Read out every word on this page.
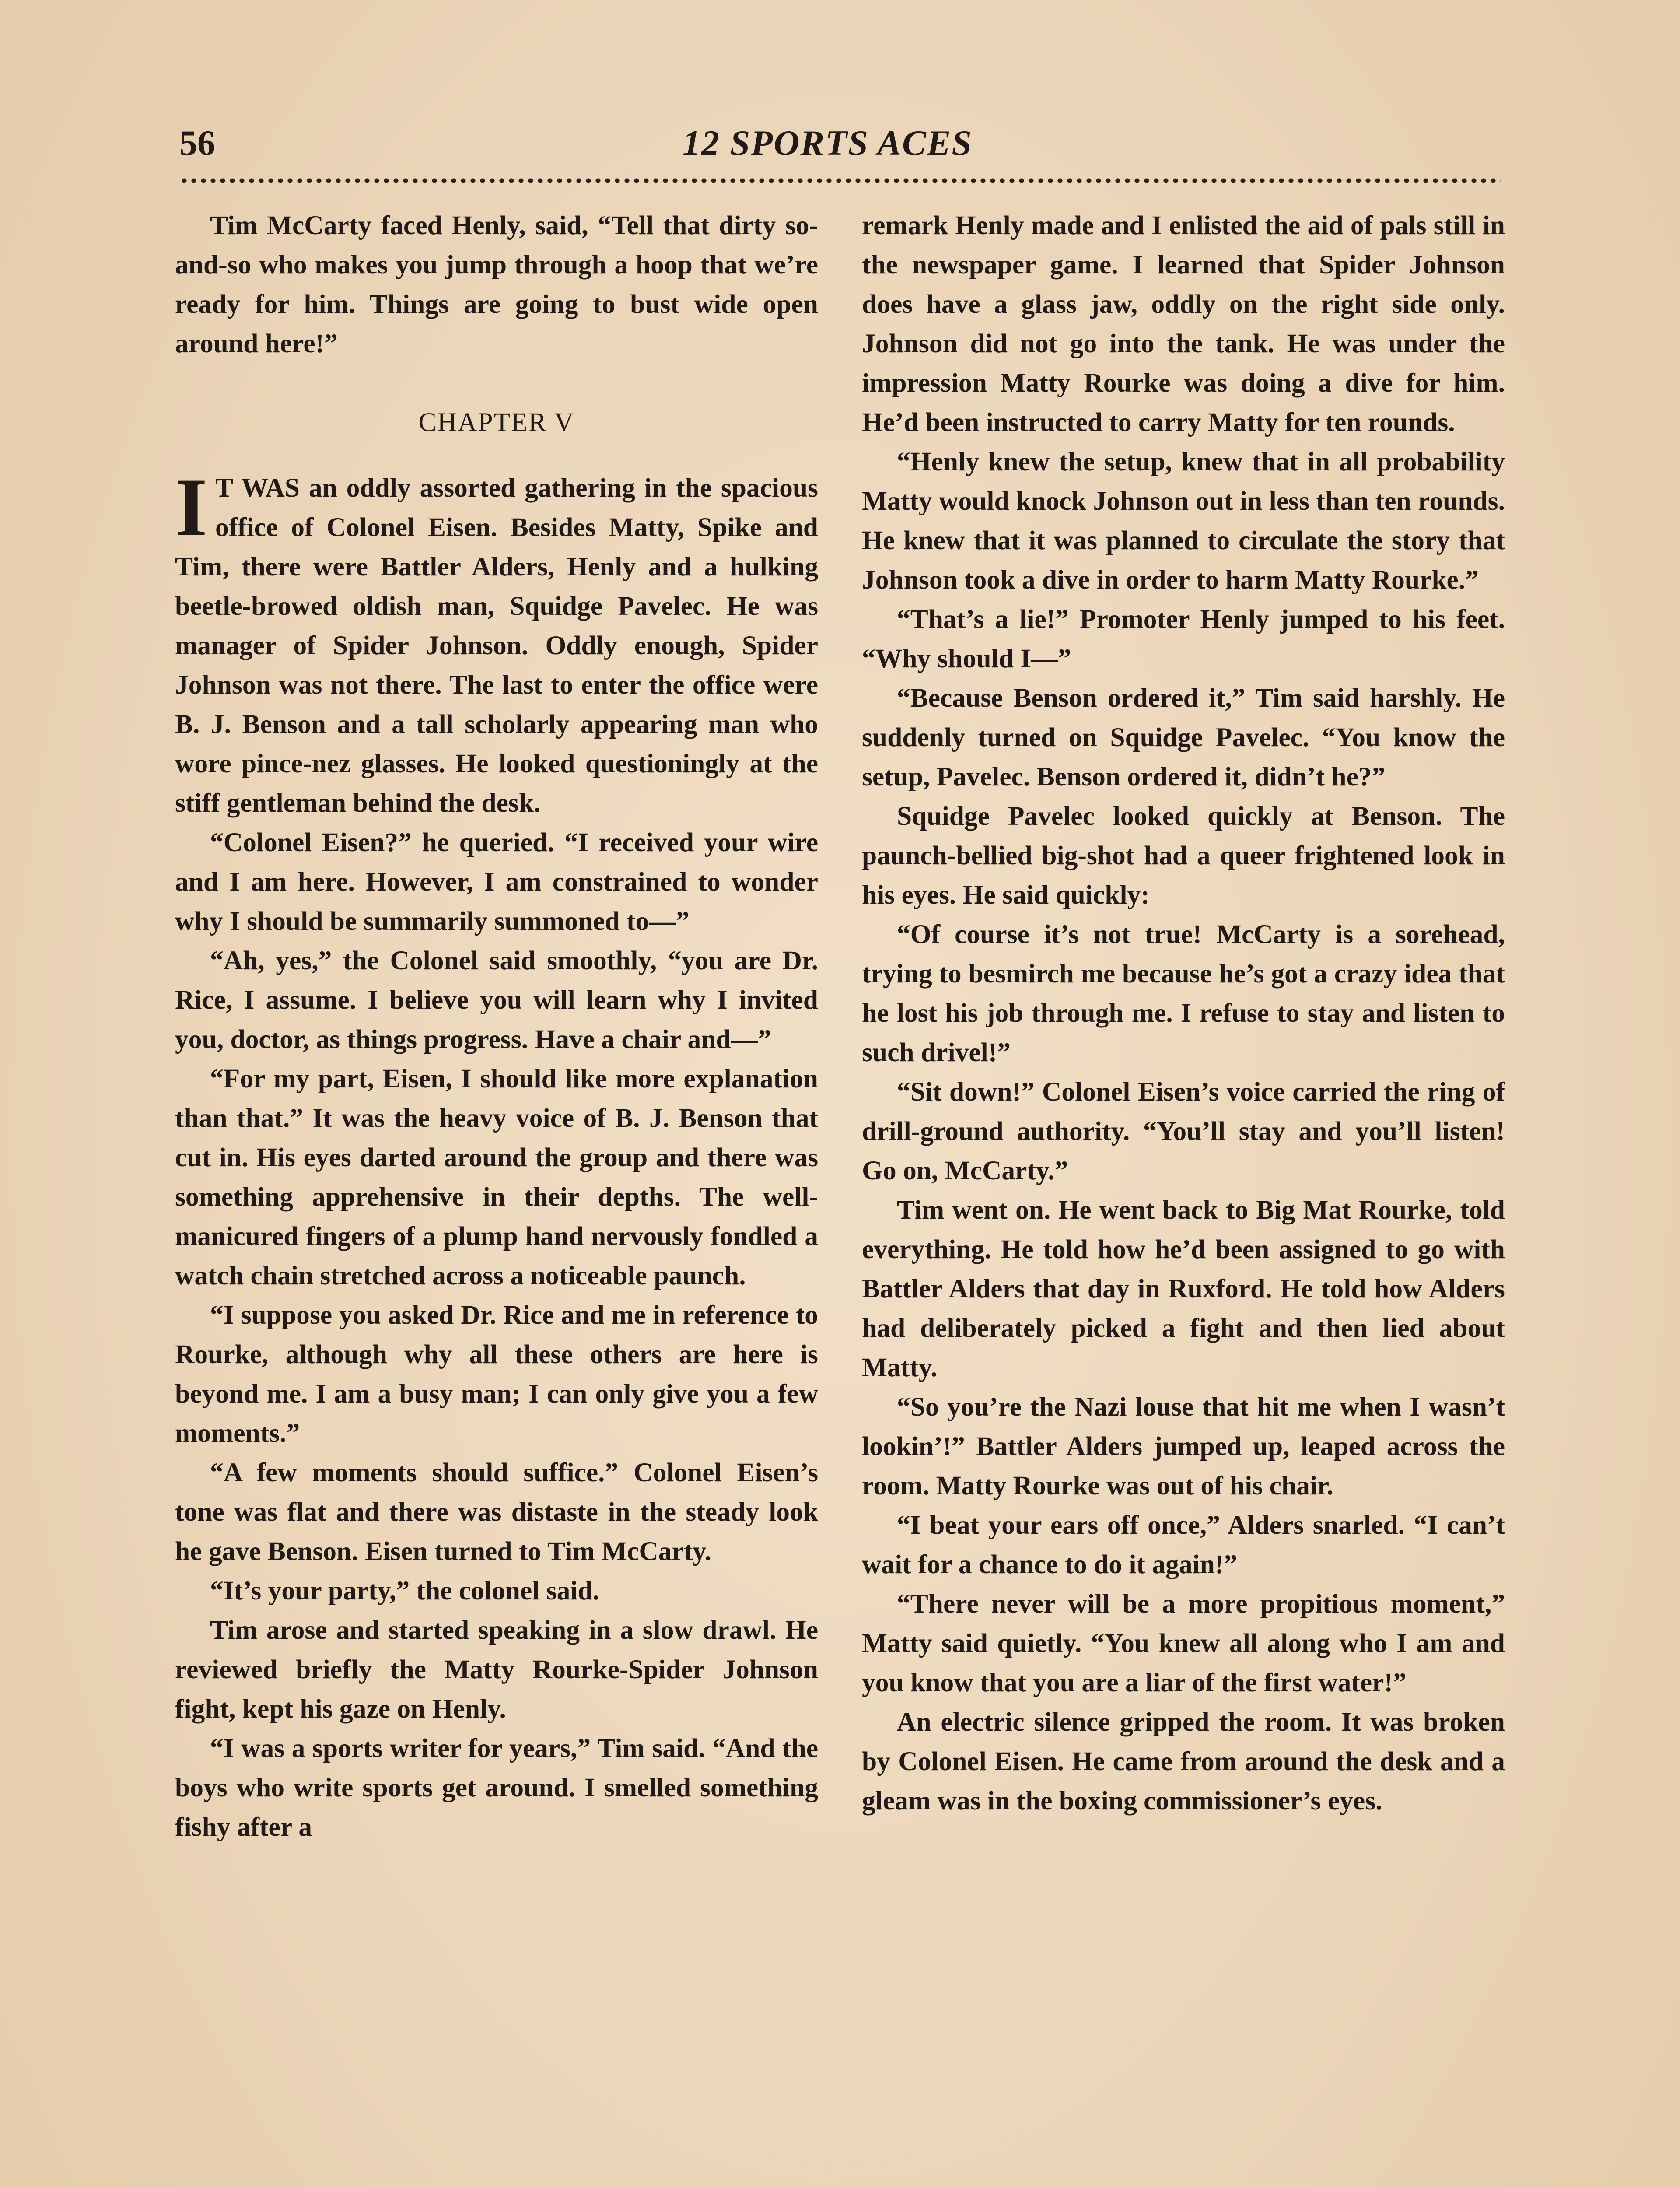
56	12 SPORTS ACES

Tim McCarty faced Henly, said, “Tell that dirty so-and-so who makes you jump through a hoop that we’re ready for him. Things are going to bust wide open around here!”

CHAPTER V

I T WAS an oddly assorted gathering in the spacious office of Colonel Eisen. Besides Matty, Spike and Tim, there were Battler Alders, Henly and a hulking beetle-browed oldish man, Squidge Pavelec. He was manager of Spider Johnson. Oddly enough, Spider Johnson was not there. The last to enter the office were B. J. Benson and a tall scholarly appearing man who wore pince-nez glasses. He looked questioningly at the stiff gentleman behind the desk.

“Colonel Eisen?” he queried. “I received your wire and I am here. However, I am constrained to wonder why I should be summarily summoned to—”

“Ah, yes,” the Colonel said smoothly, “you are Dr. Rice, I assume. I believe you will learn why I invited you, doctor, as things progress. Have a chair and—”

“For my part, Eisen, I should like more explanation than that.” It was the heavy voice of B. J. Benson that cut in. His eyes darted around the group and there was something apprehensive in their depths. The well-manicured fingers of a plump hand nervously fondled a watch chain stretched across a noticeable paunch.

“I suppose you asked Dr. Rice and me in reference to Rourke, although why all these others are here is beyond me. I am a busy man; I can only give you a few moments.”

“A few moments should suffice.” Colonel Eisen’s tone was flat and there was distaste in the steady look he gave Benson. Eisen turned to Tim McCarty.

“It’s your party,” the colonel said.

Tim arose and started speaking in a slow drawl. He reviewed briefly the Matty Rourke-Spider Johnson fight, kept his gaze on Henly.

“I was a sports writer for years,” Tim said. “And the boys who write sports get around. I smelled something fishy after a

remark Henly made and I enlisted the aid of pals still in the newspaper game. I learned that Spider Johnson does have a glass jaw, oddly on the right side only. Johnson did not go into the tank. He was under the impression Matty Rourke was doing a dive for him. He’d been instructed to carry Matty for ten rounds.

“Henly knew the setup, knew that in all probability Matty would knock Johnson out in less than ten rounds. He knew that it was planned to circulate the story that Johnson took a dive in order to harm Matty Rourke.”

“That’s a lie!” Promoter Henly jumped to his feet. “Why should I—”

“Because Benson ordered it,” Tim said harshly. He suddenly turned on Squidge Pavelec. “You know the setup, Pavelec. Benson ordered it, didn’t he?”

Squidge Pavelec looked quickly at Benson. The paunch-bellied big-shot had a queer frightened look in his eyes. He said quickly:

“Of course it’s not true! McCarty is a sorehead, trying to besmirch me because he’s got a crazy idea that he lost his job through me. I refuse to stay and listen to such drivel!”

“Sit down!” Colonel Eisen’s voice carried the ring of drill-ground authority. “You’ll stay and you’ll listen! Go on, McCarty.”

Tim went on. He went back to Big Mat Rourke, told everything. He told how he’d been assigned to go with Battler Alders that day in Ruxford. He told how Alders had deliberately picked a fight and then lied about Matty.

“So you’re the Nazi louse that hit me when I wasn’t lookin’!” Battler Alders jumped up, leaped across the room. Matty Rourke was out of his chair.

“I beat your ears off once,” Alders snarled. “I can’t wait for a chance to do it again!”

“There never will be a more propitious moment,” Matty said quietly. “You knew all along who I am and you know that you are a liar of the first water!”

An electric silence gripped the room. It was broken by Colonel Eisen. He came from around the desk and a gleam was in the boxing commissioner’s eyes.
